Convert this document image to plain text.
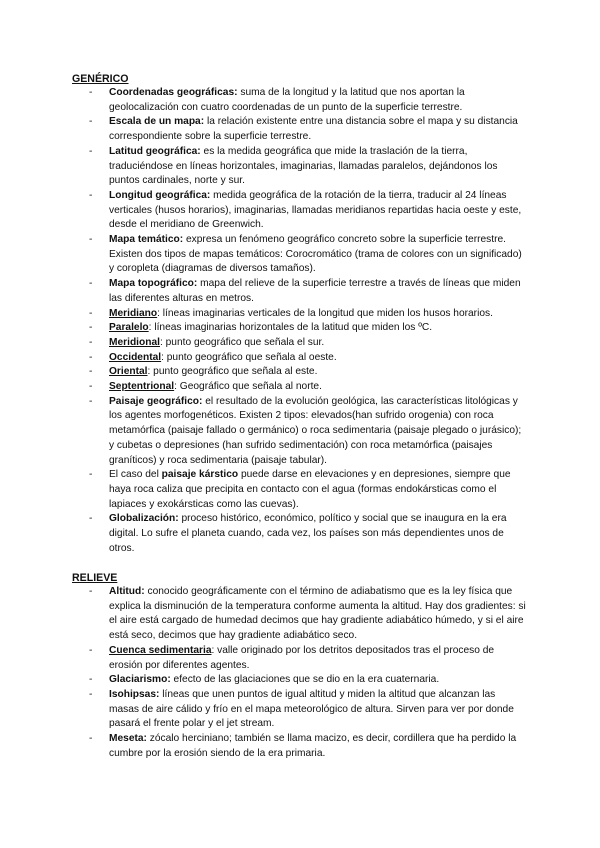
GENÉRICO
- Coordenadas geográficas: suma de la longitud y la latitud que nos aportan la geolocalización con cuatro coordenadas de un punto de la superficie terrestre.
- Escala de un mapa: la relación existente entre una distancia sobre el mapa y su distancia correspondiente sobre la superficie terrestre.
- Latitud geográfica: es la medida geográfica que mide la traslación de la tierra, traduciéndose en líneas horizontales, imaginarias, llamadas paralelos, dejándonos los puntos cardinales, norte y sur.
- Longitud geográfica: medida geográfica de la rotación de la tierra, traducir al 24 líneas verticales (husos horarios), imaginarias, llamadas meridianos repartidas hacia oeste y este, desde el meridiano de Greenwich.
- Mapa temático: expresa un fenómeno geográfico concreto sobre la superficie terrestre. Existen dos tipos de mapas temáticos: Corocromático (trama de colores con un significado) y coropleta (diagramas de diversos tamaños).
- Mapa topográfico: mapa del relieve de la superficie terrestre a través de líneas que miden las diferentes alturas en metros.
- Meridiano: líneas imaginarias verticales de la longitud que miden los husos horarios.
- Paralelo: líneas imaginarias horizontales de la latitud que miden los ºC.
- Meridional: punto geográfico que señala el sur.
- Occidental: punto geográfico que señala al oeste.
- Oriental: punto geográfico que señala al este.
- Septentrional: Geográfico que señala al norte.
- Paisaje geográfico: el resultado de la evolución geológica, las características litológicas y los agentes morfogenéticos. Existen 2 tipos: elevados(han sufrido orogenia) con roca metamórfica (paisaje fallado o germánico) o roca sedimentaria (paisaje plegado o jurásico); y cubetas o depresiones (han sufrido sedimentación) con roca metamórfica (paisajes graníticos) y roca sedimentaria (paisaje tabular).
- El caso del paisaje kárstico puede darse en elevaciones y en depresiones, siempre que haya roca caliza que precipita en contacto con el agua (formas endokársticas como el lapiaces y exokársticas como las cuevas).
- Globalización: proceso histórico, económico, político y social que se inaugura en la era digital. Lo sufre el planeta cuando, cada vez, los países son más dependientes unos de otros.
RELIEVE
- Altitud: conocido geográficamente con el término de adiabatismo que es la ley física que explica la disminución de la temperatura conforme aumenta la altitud. Hay dos gradientes: si el aire está cargado de humedad decimos que hay gradiente adiabático húmedo, y si el aire está seco, decimos que hay gradiente adiabático seco.
- Cuenca sedimentaria: valle originado por los detritos depositados tras el proceso de erosión por diferentes agentes.
- Glaciarismo: efecto de las glaciaciones que se dio en la era cuaternaria.
- Isohipsas: líneas que unen puntos de igual altitud y miden la altitud que alcanzan las masas de aire cálido y frío en el mapa meteorológico de altura. Sirven para ver por donde pasará el frente polar y el jet stream.
- Meseta: zócalo herciniano; también se llama macizo, es decir, cordillera que ha perdido la cumbre por la erosión siendo de la era primaria.
